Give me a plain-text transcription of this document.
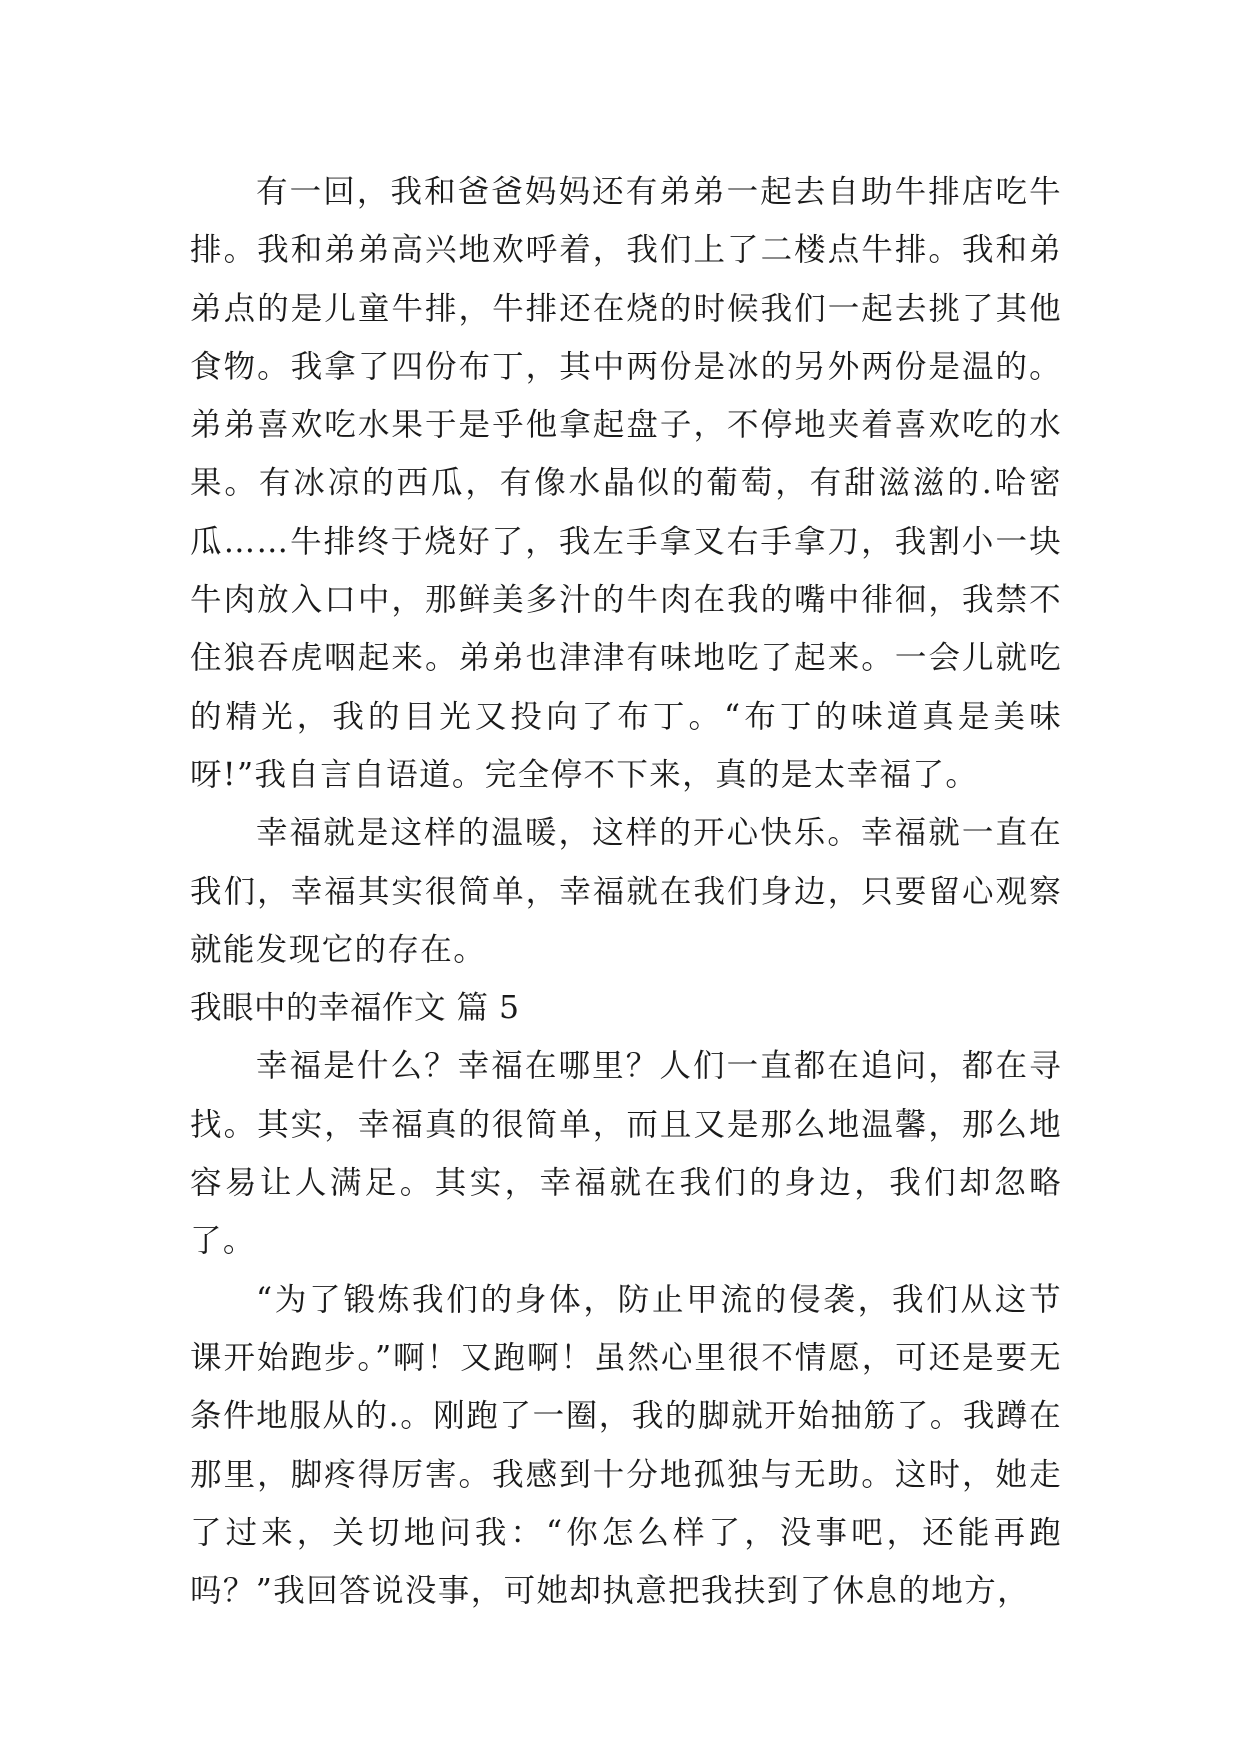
有一回，我和爸爸妈妈还有弟弟一起去自助牛排店吃牛排。我和弟弟高兴地欢呼着，我们上了二楼点牛排。我和弟弟点的是儿童牛排，牛排还在烧的时候我们一起去挑了其他食物。我拿了四份布丁，其中两份是冰的另外两份是温的。弟弟喜欢吃水果于是乎他拿起盘子，不停地夹着喜欢吃的水果。有冰凉的西瓜，有像水晶似的葡萄，有甜滋滋的.哈密瓜……牛排终于烧好了，我左手拿叉右手拿刀，我割小一块牛肉放入口中，那鲜美多汁的牛肉在我的嘴中徘徊，我禁不住狼吞虎咽起来。弟弟也津津有味地吃了起来。一会儿就吃的精光，我的目光又投向了布丁。“布丁的味道真是美味呀!”我自言自语道。完全停不下来，真的是太幸福了。

幸福就是这样的温暖，这样的开心快乐。幸福就一直在我们，幸福其实很简单，幸福就在我们身边，只要留心观察就能发现它的存在。

我眼中的幸福作文 篇 5

幸福是什么？幸福在哪里？人们一直都在追问，都在寻找。其实，幸福真的很简单，而且又是那么地温馨，那么地容易让人满足。其实，幸福就在我们的身边，我们却忽略了。

“为了锻炼我们的身体，防止甲流的侵袭，我们从这节课开始跑步。”啊！又跑啊！虽然心里很不情愿，可还是要无条件地服从的.。刚跑了一圈，我的脚就开始抽筋了。我蹲在那里，脚疼得厉害。我感到十分地孤独与无助。这时，她走了过来，关切地问我：“你怎么样了，没事吧，还能再跑吗？”我回答说没事，可她却执意把我扶到了休息的地方，
